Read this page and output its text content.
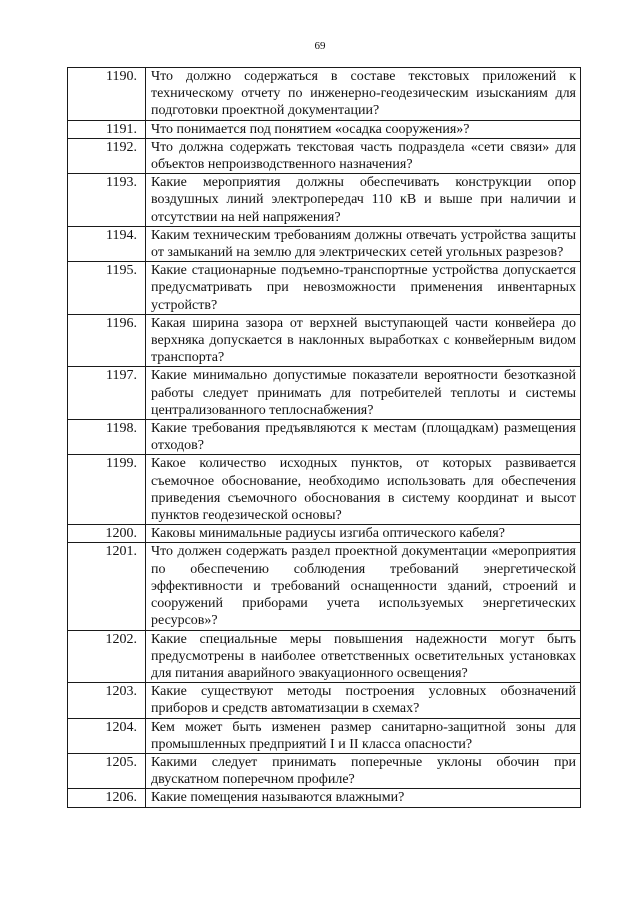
69
1190.	Что должно содержаться в составе текстовых приложений к техническому отчету по инженерно-геодезическим изысканиям для подготовки проектной документации?
1191.	Что понимается под понятием «осадка сооружения»?
1192.	Что должна содержать текстовая часть подраздела «сети связи» для объектов непроизводственного назначения?
1193.	Какие мероприятия должны обеспечивать конструкции опор воздушных линий электропередач 110 кВ и выше при наличии и отсутствии на ней напряжения?
1194.	Каким техническим требованиям должны отвечать устройства защиты от замыканий на землю для электрических сетей угольных разрезов?
1195.	Какие стационарные подъемно-транспортные устройства допускается предусматривать при невозможности применения инвентарных устройств?
1196.	Какая ширина зазора от верхней выступающей части конвейера до верхняка допускается в наклонных выработках с конвейерным видом транспорта?
1197.	Какие минимально допустимые показатели вероятности безотказной работы следует принимать для потребителей теплоты и системы централизованного теплоснабжения?
1198.	Какие требования предъявляются к местам (площадкам) размещения отходов?
1199.	Какое количество исходных пунктов, от которых развивается съемочное обоснование, необходимо использовать для обеспечения приведения съемочного обоснования в систему координат и высот пунктов геодезической основы?
1200.	Каковы минимальные радиусы изгиба оптического кабеля?
1201.	Что должен содержать раздел проектной документации «мероприятия по обеспечению соблюдения требований энергетической эффективности и требований оснащенности зданий, строений и сооружений приборами учета используемых энергетических ресурсов»?
1202.	Какие специальные меры повышения надежности могут быть предусмотрены в наиболее ответственных осветительных установках для питания аварийного эвакуационного освещения?
1203.	Какие существуют методы построения условных обозначений приборов и средств автоматизации в схемах?
1204.	Кем может быть изменен размер санитарно-защитной зоны для промышленных предприятий I и II класса опасности?
1205.	Какими следует принимать поперечные уклоны обочин при двускатном поперечном профиле?
1206.	Какие помещения называются влажными?
